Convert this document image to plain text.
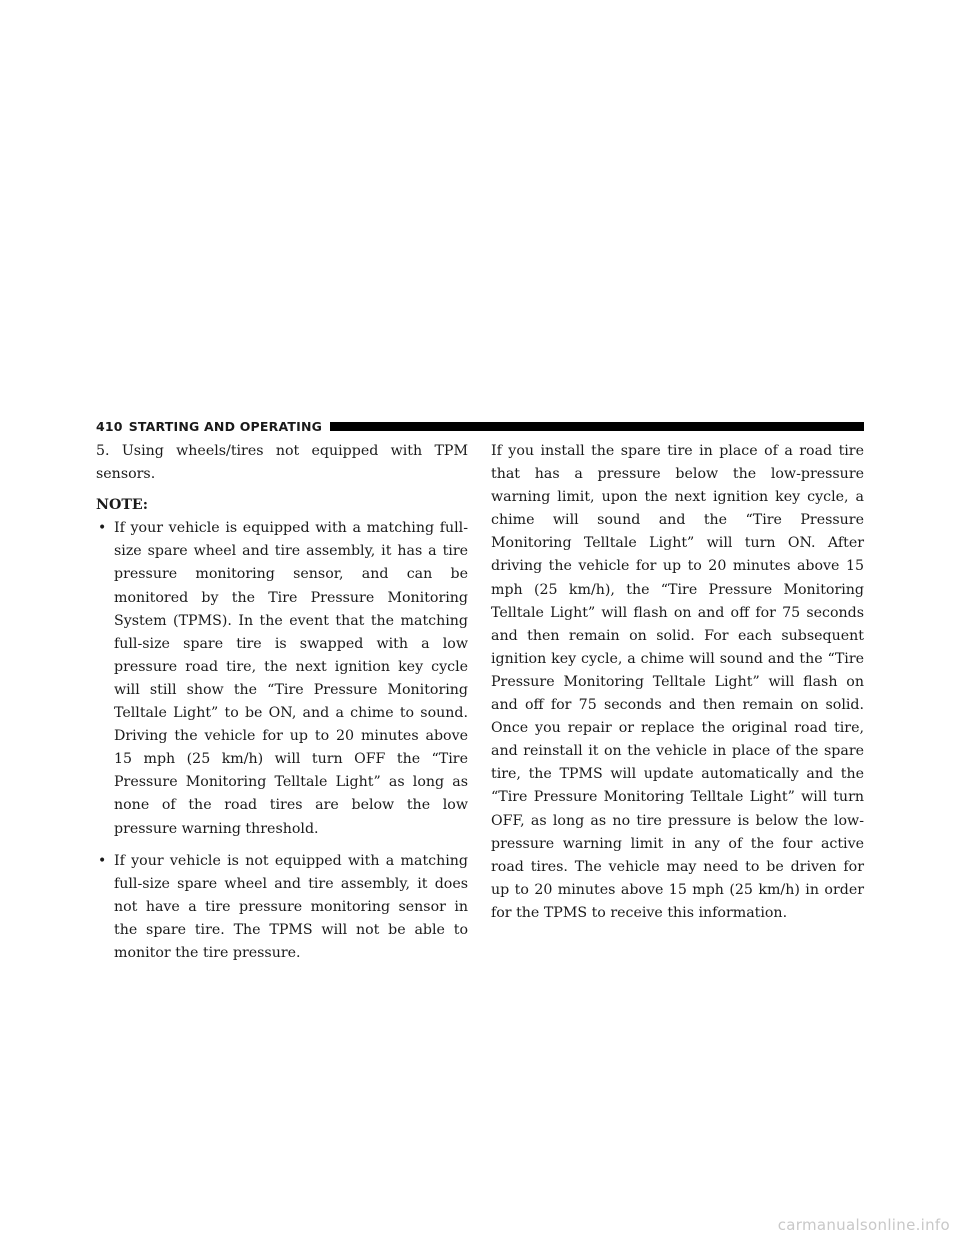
410 STARTING AND OPERATING

5. Using wheels/tires not equipped with TPM sensors.

NOTE:

• If your vehicle is equipped with a matching full-size spare wheel and tire assembly, it has a tire pressure monitoring sensor, and can be monitored by the Tire Pressure Monitoring System (TPMS). In the event that the matching full-size spare tire is swapped with a low pressure road tire, the next ignition key cycle will still show the “Tire Pressure Monitoring Telltale Light” to be ON, and a chime to sound. Driving the vehicle for up to 20 minutes above 15 mph (25 km/h) will turn OFF the “Tire Pressure Monitoring Telltale Light” as long as none of the road tires are below the low pressure warning threshold.

• If your vehicle is not equipped with a matching full-size spare wheel and tire assembly, it does not have a tire pressure monitoring sensor in the spare tire. The TPMS will not be able to monitor the tire pressure.

If you install the spare tire in place of a road tire that has a pressure below the low-pressure warning limit, upon the next ignition key cycle, a chime will sound and the “Tire Pressure Monitoring Telltale Light” will turn ON. After driving the vehicle for up to 20 minutes above 15 mph (25 km/h), the “Tire Pressure Monitoring Telltale Light” will flash on and off for 75 seconds and then remain on solid. For each subsequent ignition key cycle, a chime will sound and the “Tire Pressure Monitoring Telltale Light” will flash on and off for 75 seconds and then remain on solid. Once you repair or replace the original road tire, and reinstall it on the vehicle in place of the spare tire, the TPMS will update automatically and the “Tire Pressure Monitoring Telltale Light” will turn OFF, as long as no tire pressure is below the low-pressure warning limit in any of the four active road tires. The vehicle may need to be driven for up to 20 minutes above 15 mph (25 km/h) in order for the TPMS to receive this information.

carmanualsonline.info
